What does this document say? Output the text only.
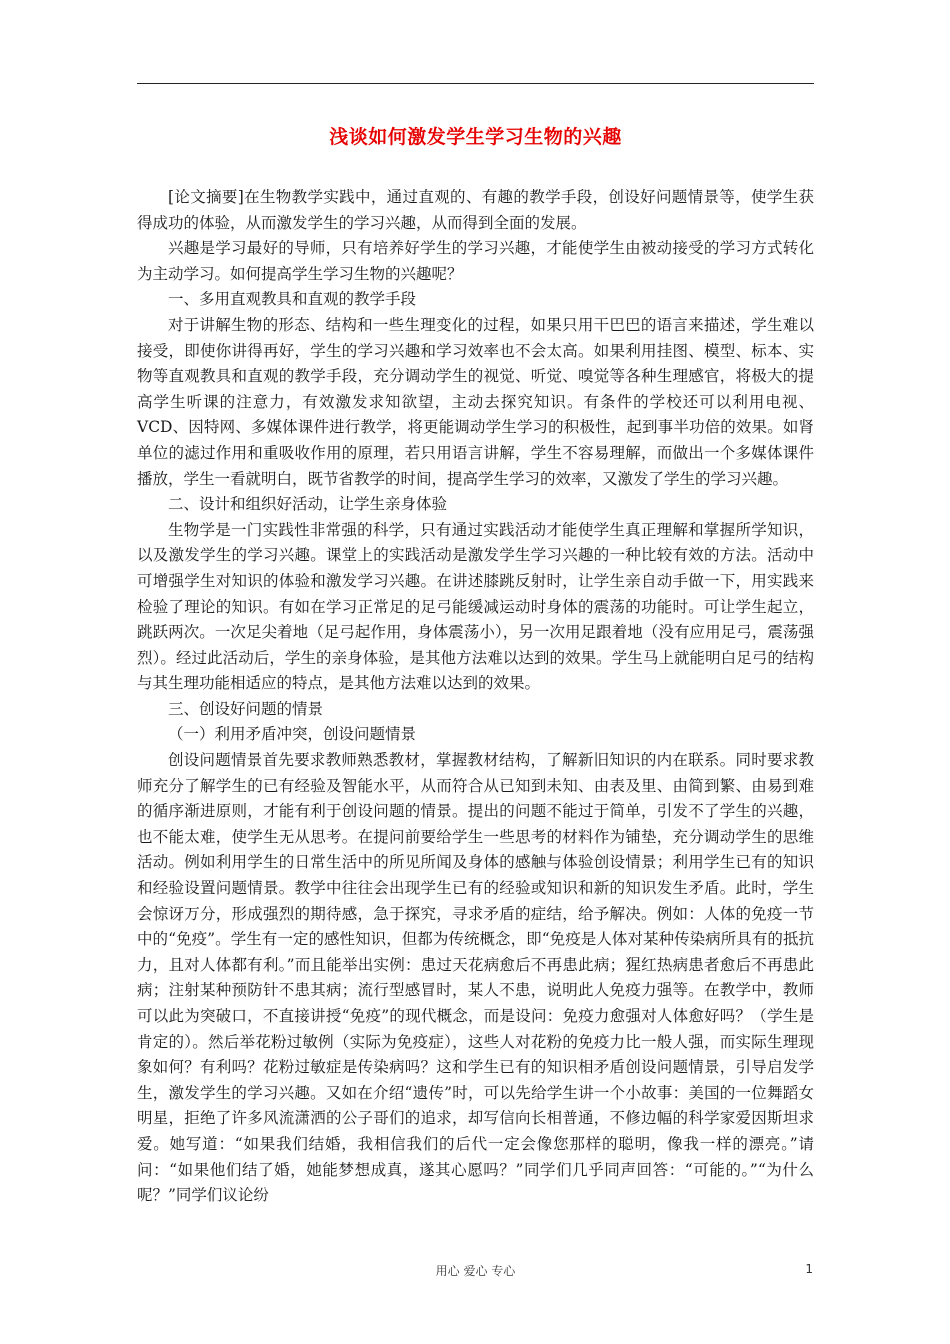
浅谈如何激发学生学习生物的兴趣

[论文摘要]在生物教学实践中，通过直观的、有趣的教学手段，创设好问题情景等，使学生获得成功的体验，从而激发学生的学习兴趣，从而得到全面的发展。

兴趣是学习最好的导师，只有培养好学生的学习兴趣，才能使学生由被动接受的学习方式转化为主动学习。如何提高学生学习生物的兴趣呢？

一、多用直观教具和直观的教学手段

对于讲解生物的形态、结构和一些生理变化的过程，如果只用干巴巴的语言来描述，学生难以接受，即使你讲得再好，学生的学习兴趣和学习效率也不会太高。如果利用挂图、模型、标本、实物等直观教具和直观的教学手段，充分调动学生的视觉、听觉、嗅觉等各种生理感官，将极大的提高学生听课的注意力，有效激发求知欲望，主动去探究知识。有条件的学校还可以利用电视、VCD、因特网、多媒体课件进行教学，将更能调动学生学习的积极性，起到事半功倍的效果。如肾单位的滤过作用和重吸收作用的原理，若只用语言讲解，学生不容易理解，而做出一个多媒体课件播放，学生一看就明白，既节省教学的时间，提高学生学习的效率，又激发了学生的学习兴趣。

二、设计和组织好活动，让学生亲身体验

生物学是一门实践性非常强的科学，只有通过实践活动才能使学生真正理解和掌握所学知识，以及激发学生的学习兴趣。课堂上的实践活动是激发学生学习兴趣的一种比较有效的方法。活动中可增强学生对知识的体验和激发学习兴趣。在讲述膝跳反射时，让学生亲自动手做一下，用实践来检验了理论的知识。有如在学习正常足的足弓能缓减运动时身体的震荡的功能时。可让学生起立，跳跃两次。一次足尖着地（足弓起作用，身体震荡小），另一次用足跟着地（没有应用足弓，震荡强烈）。经过此活动后，学生的亲身体验，是其他方法难以达到的效果。学生马上就能明白足弓的结构与其生理功能相适应的特点，是其他方法难以达到的效果。

三、创设好问题的情景

（一）利用矛盾冲突，创设问题情景

创设问题情景首先要求教师熟悉教材，掌握教材结构，了解新旧知识的内在联系。同时要求教师充分了解学生的已有经验及智能水平，从而符合从已知到未知、由表及里、由简到繁、由易到难的循序渐进原则，才能有利于创设问题的情景。提出的问题不能过于简单，引发不了学生的兴趣，也不能太难，使学生无从思考。在提问前要给学生一些思考的材料作为铺垫，充分调动学生的思维活动。例如利用学生的日常生活中的所见所闻及身体的感触与体验创设情景；利用学生已有的知识和经验设置问题情景。教学中往往会出现学生已有的经验或知识和新的知识发生矛盾。此时，学生会惊讶万分，形成强烈的期待感，急于探究，寻求矛盾的症结，给予解决。例如：人体的免疫一节中的“免疫”。学生有一定的感性知识，但都为传统概念，即“免疫是人体对某种传染病所具有的抵抗力，且对人体都有利。”而且能举出实例：患过天花病愈后不再患此病；猩红热病患者愈后不再患此病；注射某种预防针不患其病；流行型感冒时，某人不患，说明此人免疫力强等。在教学中，教师可以此为突破口，不直接讲授“免疫”的现代概念，而是设问：免疫力愈强对人体愈好吗？（学生是肯定的）。然后举花粉过敏例（实际为免疫症），这些人对花粉的免疫力比一般人强，而实际生理现象如何？有利吗？花粉过敏症是传染病吗？这和学生已有的知识相矛盾创设问题情景，引导启发学生，激发学生的学习兴趣。又如在介绍“遗传”时，可以先给学生讲一个小故事：美国的一位舞蹈女明星，拒绝了许多风流潇洒的公子哥们的追求，却写信向长相普通，不修边幅的科学家爱因斯坦求爱。她写道：“如果我们结婚，我相信我们的后代一定会像您那样的聪明，像我一样的漂亮。”请问：“如果他们结了婚，她能梦想成真，遂其心愿吗？”同学们几乎同声回答：“可能的。”“为什么呢？”同学们议论纷

用心 爱心 专心	1
